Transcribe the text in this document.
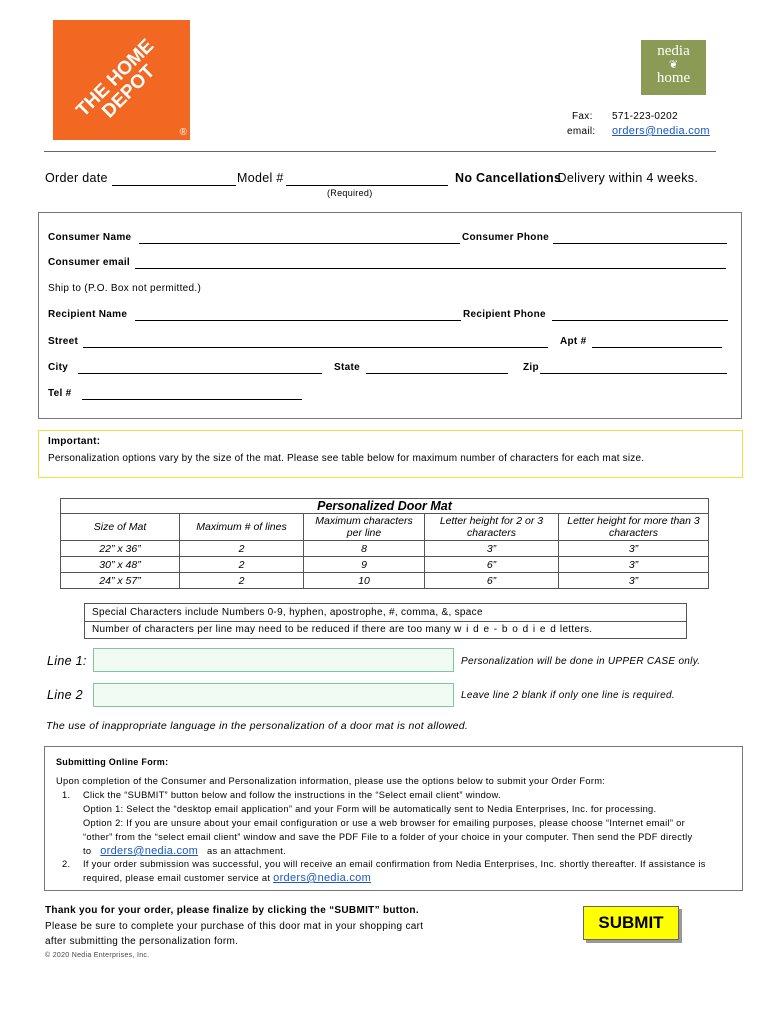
THE HOME DEPOT
®
nedia
❦
home
Fax: 571-223-0202
email: orders@nedia.com
Order date	Model #	No Cancellations
. Delivery within 4 weeks.
(Required)
Consumer Name	Consumer Phone
Consumer email
Ship to (P.O. Box not permitted.)
Recipient Name	Recipient Phone
Street	Apt #
City	State	Zip
Tel #
Important:
Personalization options vary by the size of the mat. Please see table below for maximum number of characters for each mat size.
Personalized Door Mat				
Size of Mat	Maximum # of lines	Maximum characters per line	Letter height for 2 or 3 characters	Letter height for more than 3 characters
22” x 36”	2	8	3”	3”
30” x 48”	2	9	6”	3”
24” x 57”	2	10	6”	3”
Special Characters include Numbers 0-9, hyphen, apostrophe, #, comma, &, space
Number of characters per line may need to be reduced if there are too many w i d e - b o d i e d letters.
Line 1:	Personalization will be done in UPPER CASE only.
Line 2	Leave line 2 blank if only one line is required.
The use of inappropriate language in the personalization of a door mat is not allowed.
Submitting Online Form:
Upon completion of the Consumer and Personalization information, please use the options below to submit your Order Form:
1. Click the “SUBMIT” button below and follow the instructions in the “Select email client” window.
Option 1: Select the “desktop email application” and your Form will be automatically sent to Nedia Enterprises, Inc. for processing.
Option 2: If you are unsure about your email configuration or use a web browser for emailing purposes, please choose “Internet email” or
“other” from the “select email client” window and save the PDF File to a folder of your choice in your computer. Then send the PDF directly
to orders@nedia.com as an attachment.
2. If your order submission was successful, you will receive an email confirmation from Nedia Enterprises, Inc. shortly thereafter. If assistance is
required, please email customer service at orders@nedia.com
Thank you for your order, please finalize by clicking the “SUBMIT” button.
Please be sure to complete your purchase of this door mat in your shopping cart
after submitting the personalization form.
© 2020 Nedia Enterprises, Inc.
SUBMIT
